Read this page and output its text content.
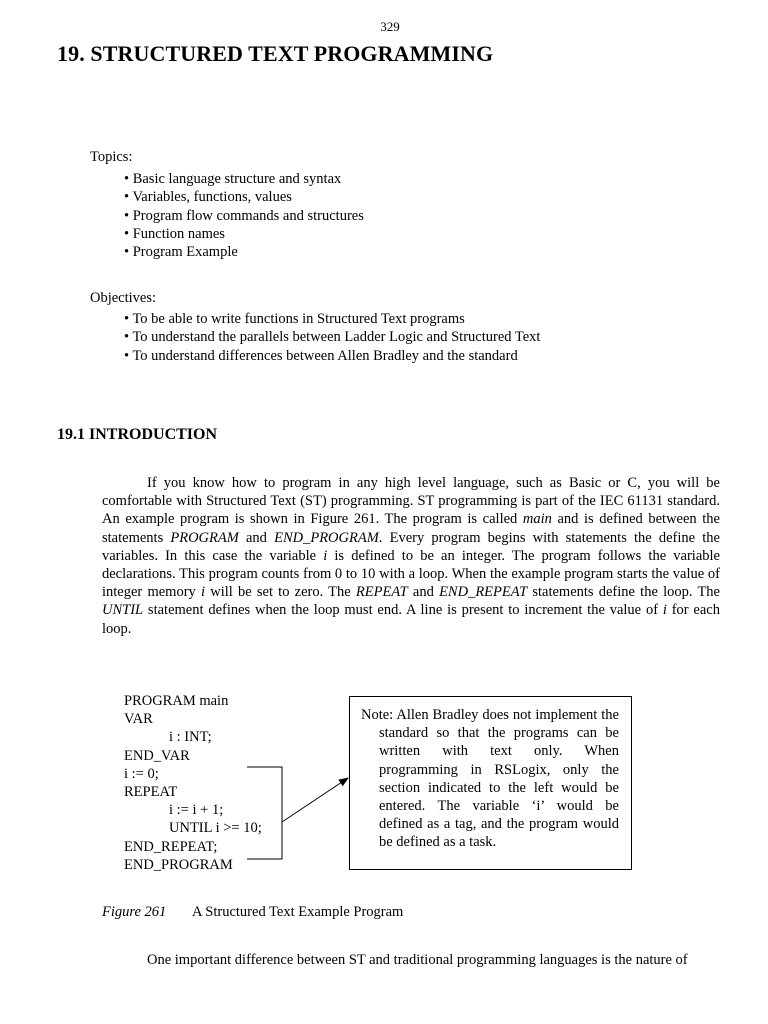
329
19. STRUCTURED TEXT PROGRAMMING
Topics:
• Basic language structure and syntax
• Variables, functions, values
• Program flow commands and structures
• Function names
• Program Example
Objectives:
• To be able to write functions in Structured Text programs
• To understand the parallels between Ladder Logic and Structured Text
• To understand differences between Allen Bradley and the standard
19.1 INTRODUCTION
If you know how to program in any high level language, such as Basic or C, you will be comfortable with Structured Text (ST) programming. ST programming is part of the IEC 61131 standard. An example program is shown in Figure 261. The program is called main and is defined between the statements PROGRAM and END_PROGRAM. Every program begins with statements the define the variables. In this case the variable i is defined to be an integer. The program follows the variable declarations. This program counts from 0 to 10 with a loop. When the example program starts the value of integer memory i will be set to zero. The REPEAT and END_REPEAT statements define the loop. The UNTIL statement defines when the loop must end. A line is present to increment the value of i for each loop.
PROGRAM main
VAR
i : INT;
END_VAR
i := 0;
REPEAT
i := i + 1;
UNTIL i >= 10;
END_REPEAT;
END_PROGRAM

Note: Allen Bradley does not implement the standard so that the programs can be written with text only. When programming in RSLogix, only the section indicated to the left would be entered. The variable ‘i’ would be defined as a tag, and the program would be defined as a task.

Figure 261 A Structured Text Example Program
One important difference between ST and traditional programming languages is the nature of
